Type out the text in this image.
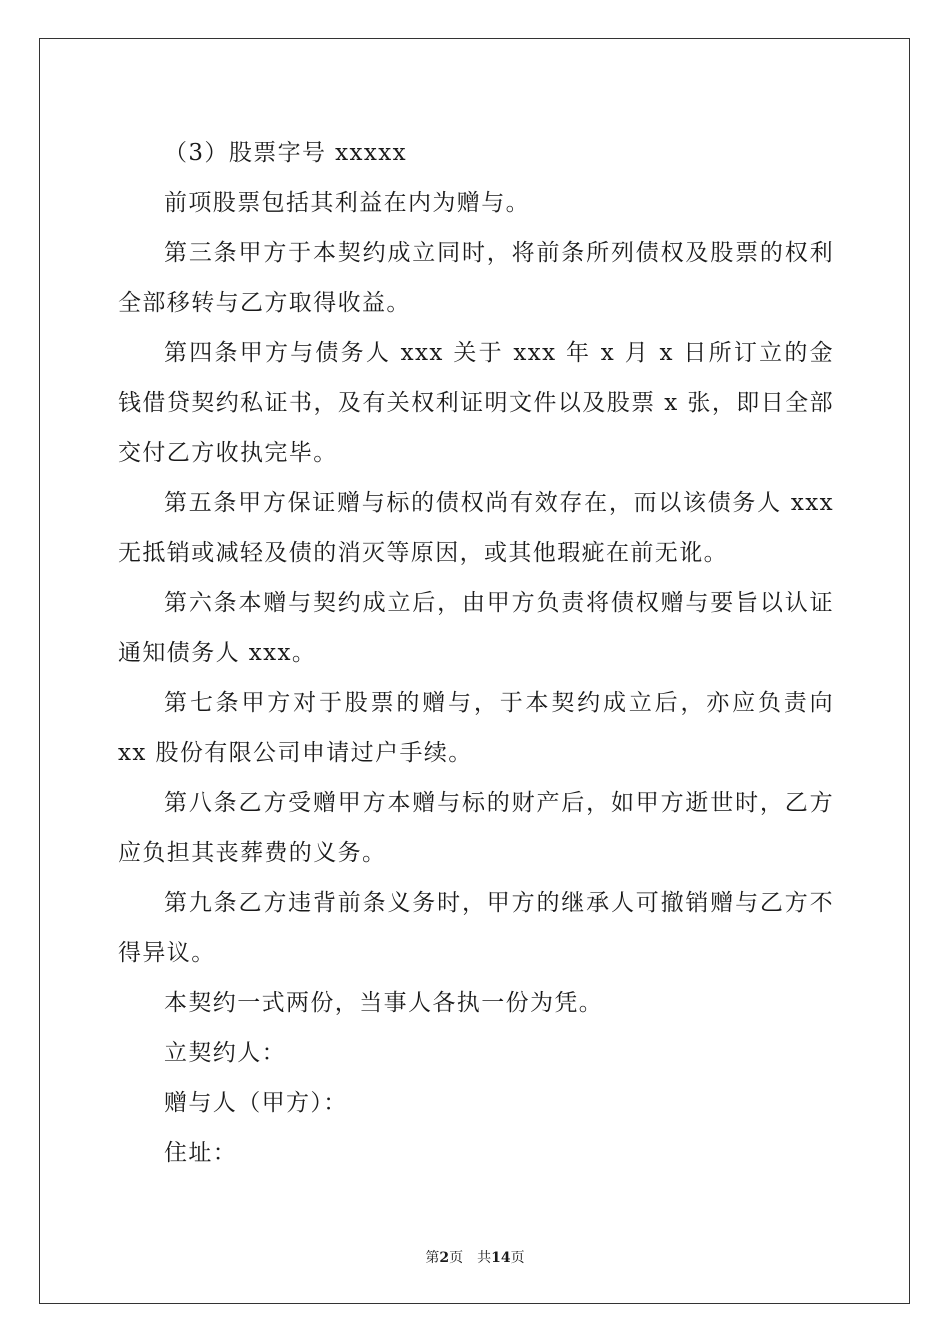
（3）股票字号 xxxxx

前项股票包括其利益在内为赠与。

第三条甲方于本契约成立同时，将前条所列债权及股票的权利全部移转与乙方取得收益。

第四条甲方与债务人 xxx 关于 xxx 年 x 月 x 日所订立的金钱借贷契约私证书，及有关权利证明文件以及股票 x 张，即日全部交付乙方收执完毕。

第五条甲方保证赠与标的债权尚有效存在，而以该债务人 xxx 无抵销或减轻及债的消灭等原因，或其他瑕疵在前无讹。

第六条本赠与契约成立后，由甲方负责将债权赠与要旨以认证通知债务人 xxx。

第七条甲方对于股票的赠与，于本契约成立后，亦应负责向 xx 股份有限公司申请过户手续。

第八条乙方受赠甲方本赠与标的财产后，如甲方逝世时，乙方应负担其丧葬费的义务。

第九条乙方违背前条义务时，甲方的继承人可撤销赠与乙方不得异议。

本契约一式两份，当事人各执一份为凭。

立契约人：

赠与人（甲方）：

住址：

第2页 共14页
